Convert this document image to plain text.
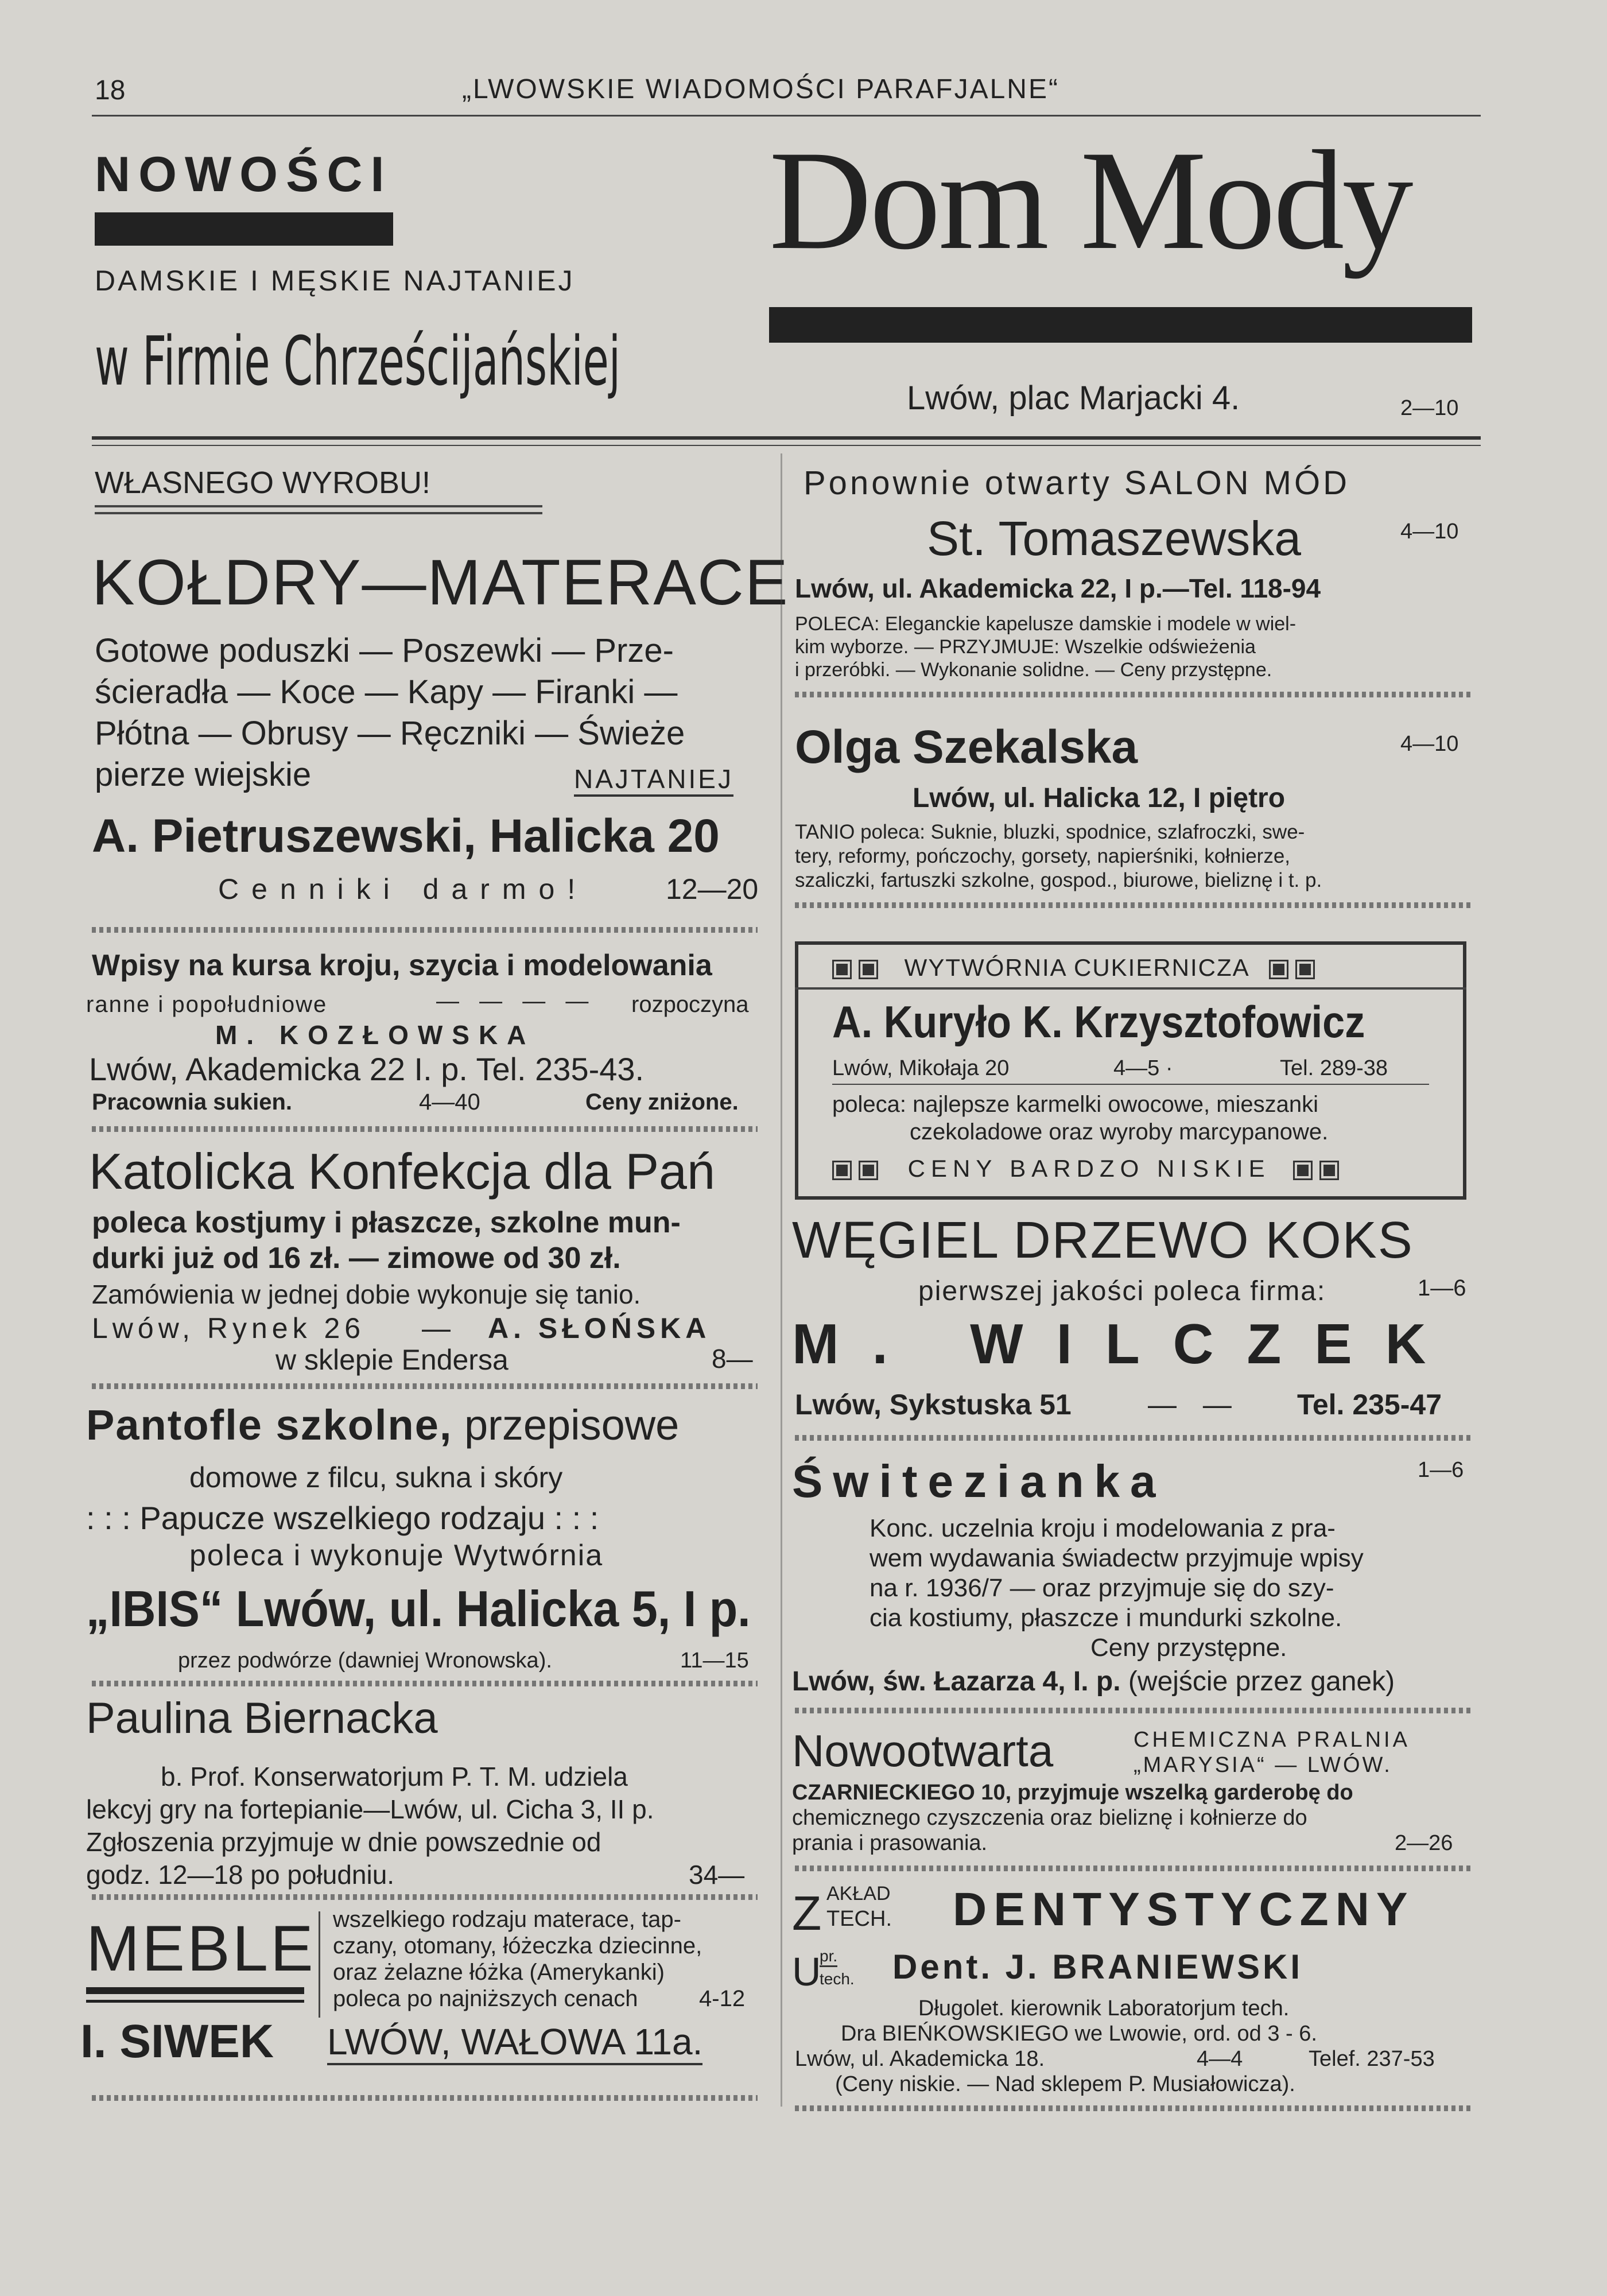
18	„LWOWSKIE WIADOMOŚCI PARAFJALNE“
NOWOŚCI
DAMSKIE I MĘSKIE NAJTANIEJ
w Firmie Chrześcijańskiej
WŁASNEGO WYROBU!
KOŁDRY—MATERACE
Gotowe poduszki — Poszewki — Prze-
ścieradła — Koce — Kapy — Firanki —
Płótna — Obrusy — Ręczniki — Świeże
pierze wiejskie	NAJTANIEJ
A. Pietruszewski, Halicka 20
Cenniki darmo!	12—20
Wpisy na kursa kroju, szycia i modelowania
ranne i popołudniowe	— — — — rozpoczyna
M. KOZŁOWSKA
Lwów, Akademicka 22 I. p. Tel. 235-43.
Pracownia sukien.	4—40	Ceny zniżone.
Katolicka Konfekcja dla Pań
poleca kostjumy i płaszcze, szkolne mun-
durki już od 16 zł. — zimowe od 30 zł.
Zamówienia w jednej dobie wykonuje się tanio.
Lwów, Rynek 26 — A. SŁOŃSKA
w sklepie Endersa	8—
Pantofle szkolne, przepisowe
domowe z filcu, sukna i skóry
: : : Papucze wszelkiego rodzaju : : :
poleca i wykonuje Wytwórnia
„IBIS“ Lwów, ul. Halicka 5, I p.
przez podwórze (dawniej Wronowska).	11—15
Paulina Biernacka
b. Prof. Konserwatorjum P. T. M. udziela
lekcyj gry na fortepianie—Lwów, ul. Cicha 3, II p.
Zgłoszenia przyjmuje w dnie powszednie od
godz. 12—18 po południu.	34—
MEBLE
I. SIWEK
wszelkiego rodzaju materace, tap-
czany, otomany, łóżeczka dziecinne,
oraz żelazne łóżka (Amerykanki)
poleca po najniższych cenach	4-12
LWÓW, WAŁOWA 11a.
Dom Mody
Lwów, plac Marjacki 4.	2—10
Ponownie otwarty SALON MÓD
St. Tomaszewska	4—10
Lwów, ul. Akademicka 22, I p.—Tel. 118-94
POLECA: Eleganckie kapelusze damskie i modele w wiel-
kim wyborze. — PRZYJMUJE: Wszelkie odświeżenia
i przeróbki. — Wykonanie solidne. — Ceny przystępne.
Olga Szekalska	4—10
Lwów, ul. Halicka 12, I piętro
TANIO poleca: Suknie, bluzki, spodnice, szlafroczki, swe-
tery, reformy, pończochy, gorsety, napierśniki, kołnierze,
szaliczki, fartuszki szkolne, gospod., biurowe, bieliznę i t. p.
WYTWÓRNIA CUKIERNICZA
A. Kuryło K. Krzysztofowicz
Lwów, Mikołaja 20	4—5 ·	Tel. 289-38
poleca: najlepsze karmelki owocowe, mieszanki
czekoladowe oraz wyroby marcypanowe.
CENY BARDZO NISKIE
WĘGIEL DRZEWO KOKS
pierwszej jakości poleca firma:	1—6
M. WILCZEK
Lwów, Sykstuska 51	— — Tel. 235-47
Świtezianka	1—6
Konc. uczelnia kroju i modelowania z pra-
wem wydawania świadectw przyjmuje wpisy
na r. 1936/7 — oraz przyjmuje się do szy-
cia kostiumy, płaszcze i mundurki szkolne.
Ceny przystępne.
Lwów, św. Łazarza 4, I. p. (wejście przez ganek)
Nowootwarta	CHEMICZNA PRALNIA
„MARYSIA“ — LWÓW.
CZARNIECKIEGO 10, przyjmuje wszelką garderobę do
chemicznego czyszczenia oraz bieliznę i kołnierze do
prania i prasowania.	2—26
Z AKŁAD
TECH. DENTYSTYCZNY
U
pr.
tech. Dent. J. BRANIEWSKI
Długolet. kierownik Laboratorjum tech.
Dra BIEŃKOWSKIEGO we Lwowie, ord. od 3 - 6.
Lwów, ul. Akademicka 18.	4—4	Telef. 237-53
(Ceny niskie. — Nad sklepem P. Musiałowicza).
